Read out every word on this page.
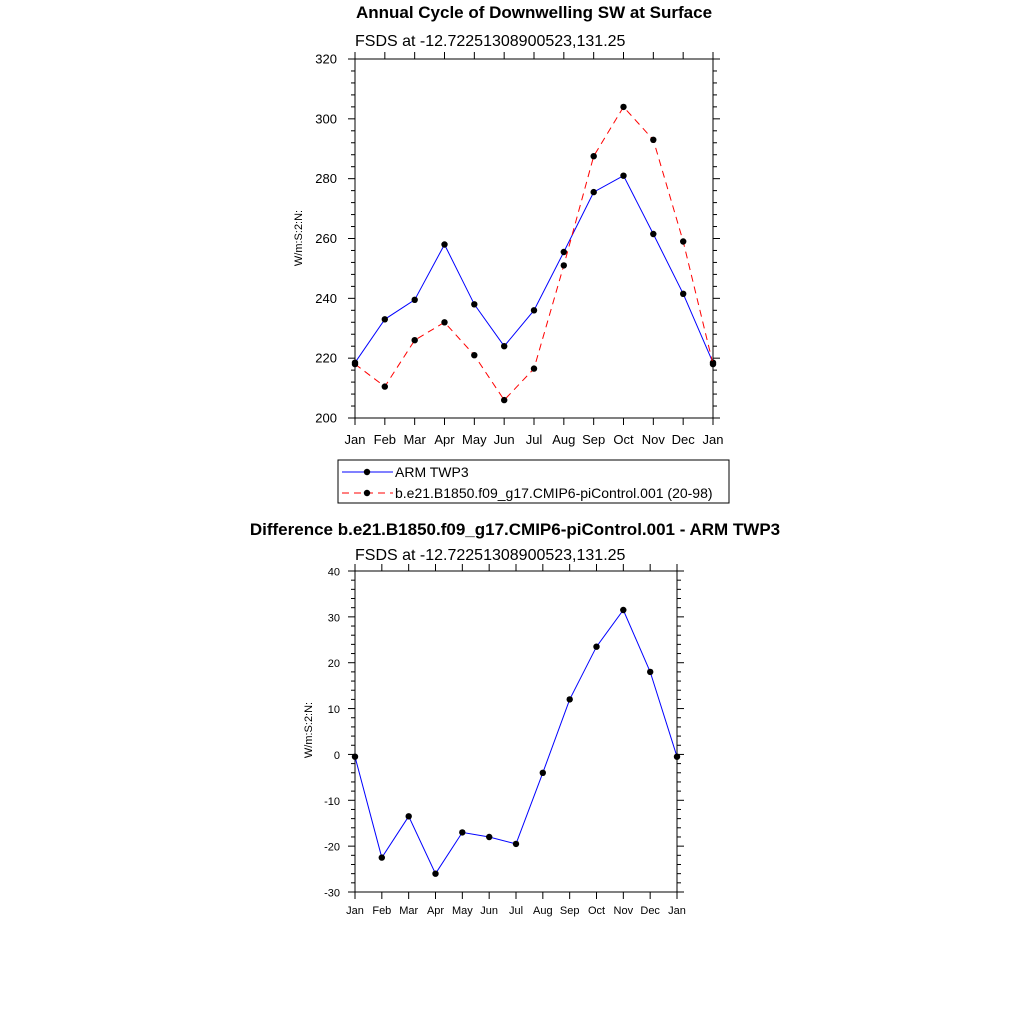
Annual Cycle of Downwelling SW at Surface
FSDS at -12.72251308900523,131.25
W/m:S:2:N:
200
220
240
260
280
300
320
Jan Feb Mar Apr May Jun Jul Aug Sep Oct Nov Dec Jan
ARM TWP3
b.e21.B1850.f09_g17.CMIP6-piControl.001 (20-98)
Difference b.e21.B1850.f09_g17.CMIP6-piControl.001 - ARM TWP3
FSDS at -12.72251308900523,131.25
W/m:S:2:N:
-30
-20
-10
0
10
20
30
40
Jan Feb Mar Apr May Jun Jul Aug Sep Oct Nov Dec Jan
